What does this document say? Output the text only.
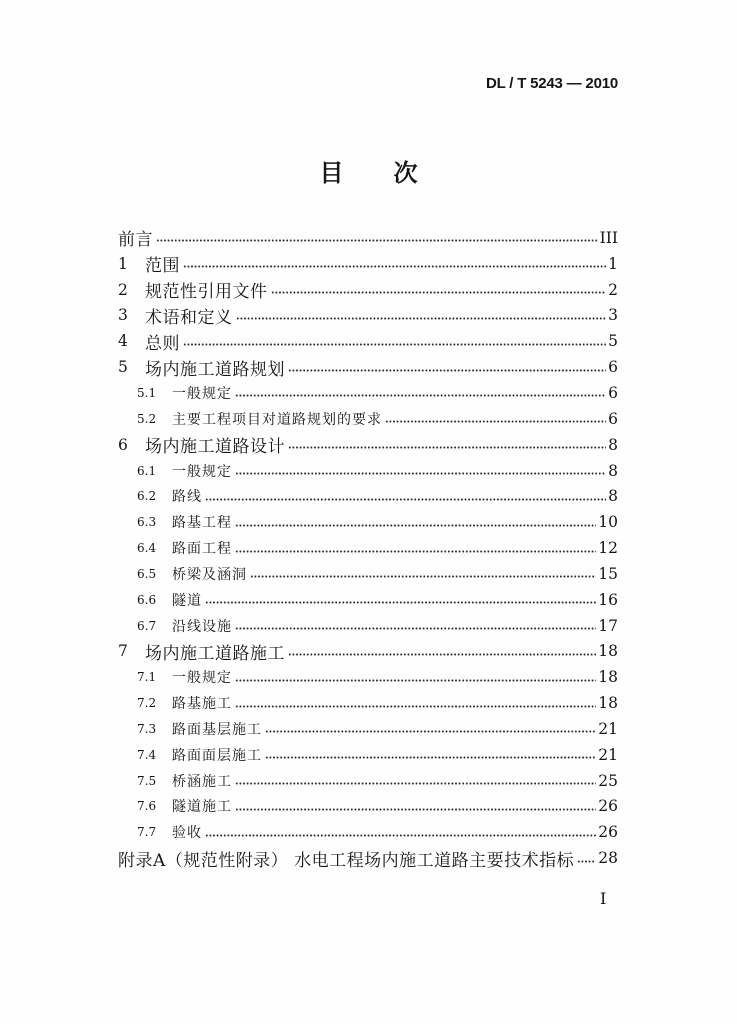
DL / T 5243 — 2010
目　次
前言	III
1	范围	1
2	规范性引用文件	2
3	术语和定义	3
4	总则	5
5	场内施工道路规划	6
5.1	一般规定	6
5.2	主要工程项目对道路规划的要求	6
6	场内施工道路设计	8
6.1	一般规定	8
6.2	路线	8
6.3	路基工程	10
6.4	路面工程	12
6.5	桥梁及涵洞	15
6.6	隧道	16
6.7	沿线设施	17
7	场内施工道路施工	18
7.1	一般规定	18
7.2	路基施工	18
7.3	路面基层施工	21
7.4	路面面层施工	21
7.5	桥涵施工	25
7.6	隧道施工	26
7.7	验收	26
附录A（规范性附录） 水电工程场内施工道路主要技术指标 28
I
